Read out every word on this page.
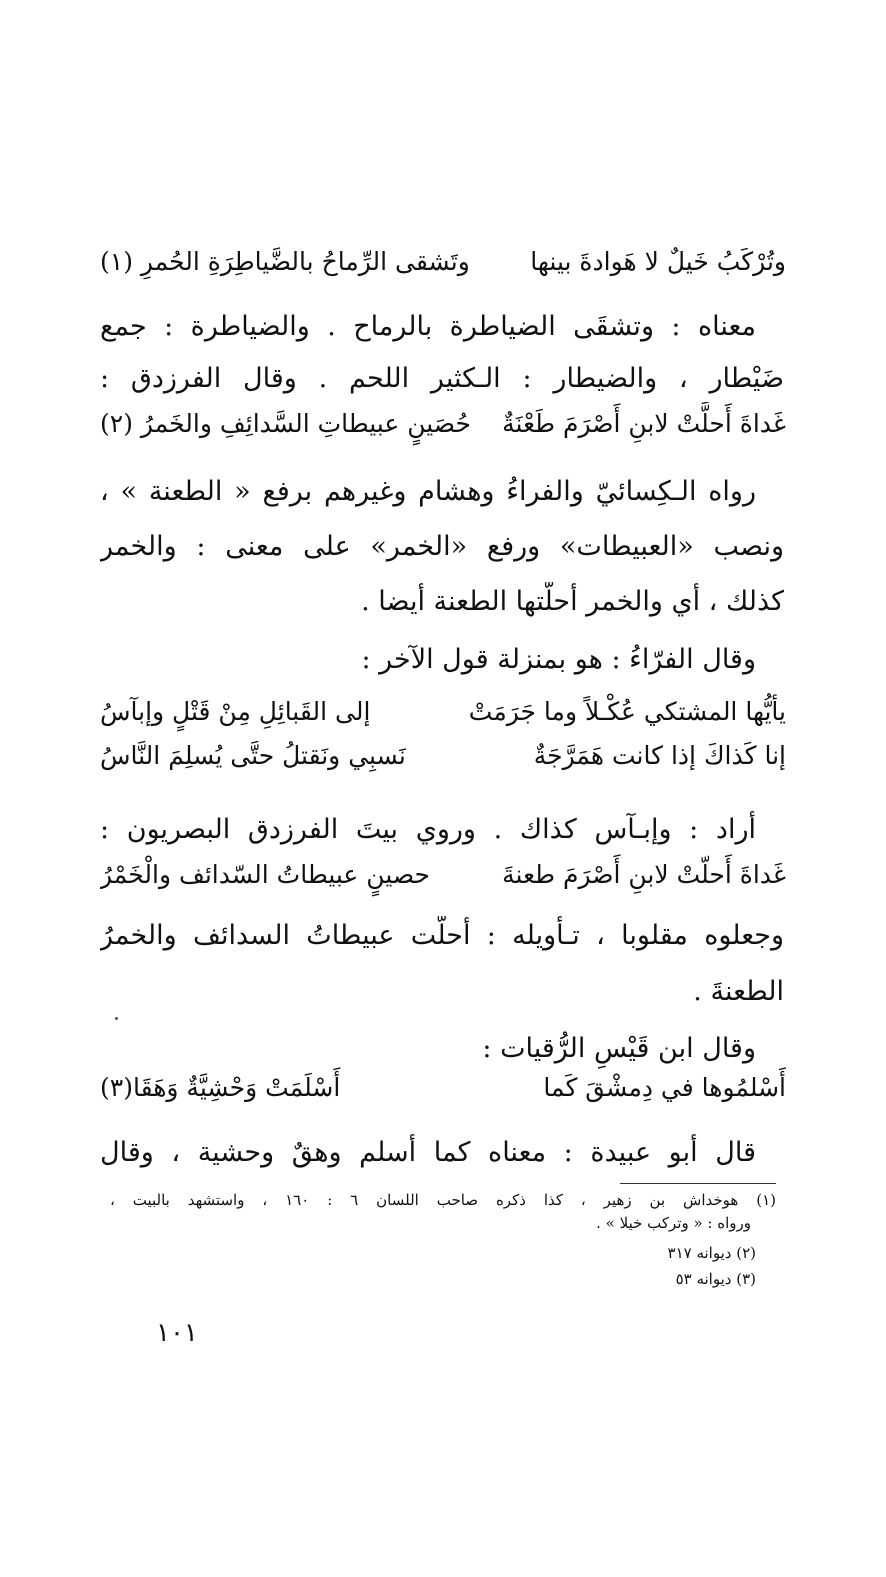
وتُرْكَبُ خَيلٌ لا هَوادةَ بينها
وتَشقى الرِّماحُ بالضَّياطِرَةِ الحُمرِ (١)
معناه : وتشقَى الضياطرة بالرماح . والضياطرة : جمع
ضَيْطار ، والضيطار : الـكثير اللحم . وقال الفرزدق :
غَداةَ أَحلَّتْ لابنِ أَصْرَمَ طَعْنَةٌ
حُصَينٍ عبيطاتِ السَّدائِفِ والخَمرُ (٢)
رواه الـكِسائيّ والفراءُ وهشام وغيرهم برفع « الطعنة » ،
ونصب «العبيطات» ورفع «الخمر» على معنى : والخمر
كذلك ، أي والخمر أَحلّتها الطعنة أَيضا .
وقال الفرّاءُ : هو بمنزلة قول الآخر :
يأيُّها المشتكي عُكْـلاً وما جَرَمَتْ
إلى القَبائِلِ مِنْ قَتْلٍ وإبآسُ
إنا كَذاكَ إذا كانت هَمَرَّجَةٌ
نَسبِي ونَقتلُ حتَّى يُسلِمَ النَّاسُ
أَراد : وإبـآس كذاك . وروي بيتَ الفرزدق البصريون :
غَداةَ أَحلّتْ لابنِ أَصْرَمَ طعنةَ
حصينٍ عبيطاتُ السّدائف والْخَمْرُ
وجعلوه مقلوبا ، تـأْويله : أَحلّت عبيطاتُ السدائف والخمرُ
الطعنةَ .
وقال ابن قَيْسِ الرُّقيات :
أَسْلمُوها في دِمشْقَ كَما
أَسْلَمَتْ وَحْشِيَّةٌ وَهَقَا(٣)
قال أَبو عبيدة : معناه كما أَسلم وهقٌ وحشية ، وقال
(١) هوخداش بن زهير ، كذا ذكره صاحب اللسان ٦ : ١٦٠ ، واستشهد بالبيت ،
ورواه : « وتركب خيلا » .
(٢) ديوانه ٣١٧
(٣) ديوانه ٥٣
١٠١
